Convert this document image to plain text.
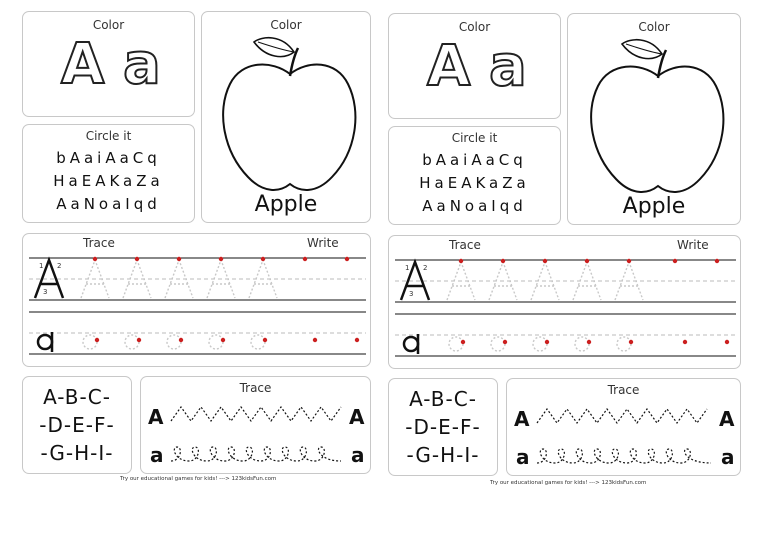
Color
A a
Color
Apple
Circle it
bAaiAaCq
HaEAKaZa
AaNoaIqd
Trace	Write
1 2
3
A-B-C-
-D-E-F-
-G-H-I-
Trace
A	A
a	a
Try our educational games for kids! ---> 123kidsFun.com
Color
A a
Color
Apple
Circle it
bAaiAaCq
HaEAKaZa
AaNoaIqd
Trace	Write
1 2
3
A-B-C-
-D-E-F-
-G-H-I-
Trace
A	A
a	a
Try our educational games for kids! ---> 123kidsFun.com
